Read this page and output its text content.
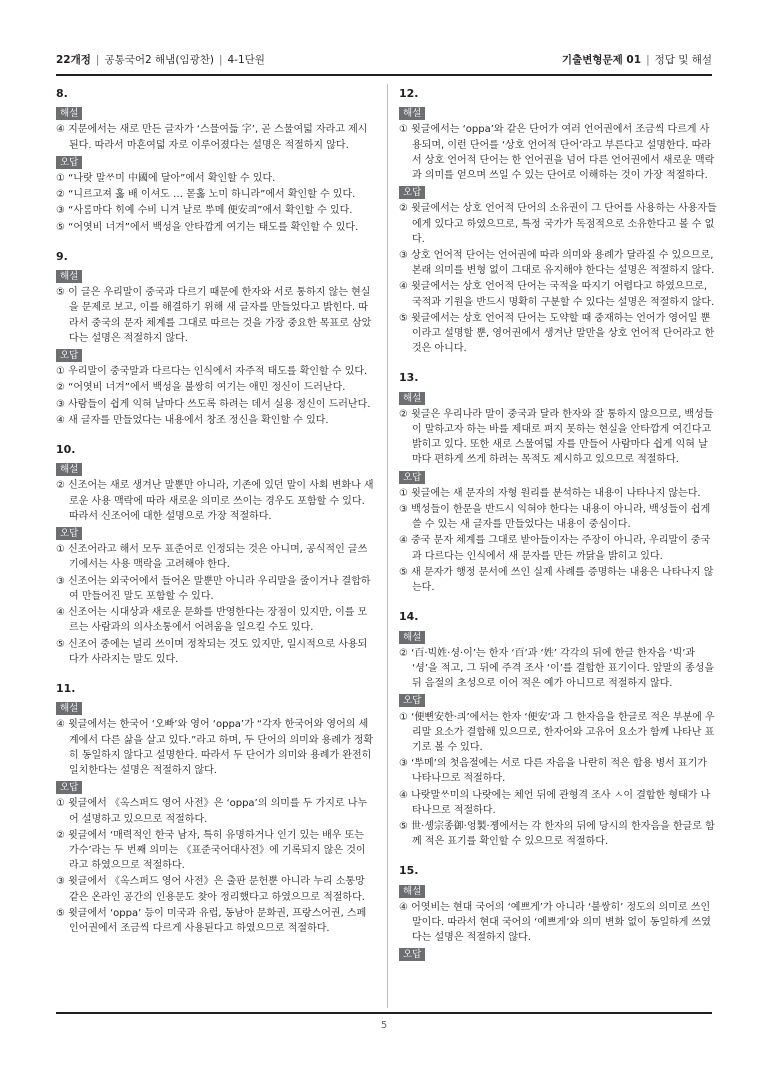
22개정 | 공통국어2 해냄(임광찬) | 4-1단원	기출변형문제 01 | 정답 및 해설
8.
해설
④ 지문에서는 새로 만든 글자가 ‘스믈여듧 字’, 곧 스물여덟 자라고 제시된다. 따라서 마흔여덟 자로 이루어졌다는 설명은 적절하지 않다.
오답
① “나랏 말ᄊᆞ미 中國에 달아”에서 확인할 수 있다.
② “니르고져 홇 배 이셔도 … 몯홇 노미 하니라”에서 확인할 수 있다.
③ “사ᄅᆞᆷ마다 ᄒᆡ예 수비 니겨 날로 ᄡᅮ메 便安킈”에서 확인할 수 있다.
⑤ “어엿비 너겨”에서 백성을 안타깝게 여기는 태도를 확인할 수 있다.
9.
해설
⑤ 이 글은 우리말이 중국과 다르기 때문에 한자와 서로 통하지 않는 현실을 문제로 보고, 이를 해결하기 위해 새 글자를 만들었다고 밝힌다. 따라서 중국의 문자 체계를 그대로 따르는 것을 가장 중요한 목표로 삼았다는 설명은 적절하지 않다.
오답
① 우리말이 중국말과 다르다는 인식에서 자주적 태도를 확인할 수 있다.
② “어엿비 너겨”에서 백성을 불쌍히 여기는 애민 정신이 드러난다.
③ 사람들이 쉽게 익혀 날마다 쓰도록 하려는 데서 실용 정신이 드러난다.
④ 새 글자를 만들었다는 내용에서 창조 정신을 확인할 수 있다.
10.
해설
② 신조어는 새로 생겨난 말뿐만 아니라, 기존에 있던 말이 사회 변화나 새로운 사용 맥락에 따라 새로운 의미로 쓰이는 경우도 포함할 수 있다. 따라서 신조어에 대한 설명으로 가장 적절하다.
오답
① 신조어라고 해서 모두 표준어로 인정되는 것은 아니며, 공식적인 글쓰기에서는 사용 맥락을 고려해야 한다.
③ 신조어는 외국어에서 들어온 말뿐만 아니라 우리말을 줄이거나 결합하여 만들어진 말도 포함할 수 있다.
④ 신조어는 시대상과 새로운 문화를 반영한다는 장점이 있지만, 이를 모르는 사람과의 의사소통에서 어려움을 일으킬 수도 있다.
⑤ 신조어 중에는 널리 쓰이며 정착되는 것도 있지만, 일시적으로 사용되다가 사라지는 말도 있다.
11.
해설
④ 윗글에서는 한국어 ‘오빠’와 영어 ‘oppa’가 “각자 한국어와 영어의 세계에서 다른 삶을 살고 있다.”라고 하며, 두 단어의 의미와 용례가 정확히 동일하지 않다고 설명한다. 따라서 두 단어가 의미와 용례가 완전히 일치한다는 설명은 적절하지 않다.
오답
① 윗글에서 《옥스퍼드 영어 사전》은 ‘oppa’의 의미를 두 가지로 나누어 설명하고 있으므로 적절하다.
② 윗글에서 ‘매력적인 한국 남자, 특히 유명하거나 인기 있는 배우 또는 가수’라는 두 번째 의미는 《표준국어대사전》에 기록되지 않은 것이라고 하였으므로 적절하다.
③ 윗글에서 《옥스퍼드 영어 사전》은 출판 문헌뿐 아니라 누리 소통망 같은 온라인 공간의 인용문도 찾아 정리했다고 하였으므로 적절하다.
⑤ 윗글에서 ‘oppa’ 등이 미국과 유럽, 동남아 문화권, 프랑스어권, 스페인어권에서 조금씩 다르게 사용된다고 하였으므로 적절하다.
12.
해설
① 윗글에서는 ‘oppa’와 같은 단어가 여러 언어권에서 조금씩 다르게 사용되며, 이런 단어를 ‘상호 언어적 단어’라고 부른다고 설명한다. 따라서 상호 언어적 단어는 한 언어권을 넘어 다른 언어권에서 새로운 맥락과 의미를 얻으며 쓰일 수 있는 단어로 이해하는 것이 가장 적절하다.
오답
② 윗글에서는 상호 언어적 단어의 소유권이 그 단어를 사용하는 사용자들에게 있다고 하였으므로, 특정 국가가 독점적으로 소유한다고 볼 수 없다.
③ 상호 언어적 단어는 언어권에 따라 의미와 용례가 달라질 수 있으므로, 본래 의미를 변형 없이 그대로 유지해야 한다는 설명은 적절하지 않다.
④ 윗글에서는 상호 언어적 단어는 국적을 따지기 어렵다고 하였으므로, 국적과 기원을 반드시 명확히 구분할 수 있다는 설명은 적절하지 않다.
⑤ 윗글에서는 상호 언어적 단어는 도약할 때 중재하는 언어가 영어일 뿐이라고 설명할 뿐, 영어권에서 생겨난 말만을 상호 언어적 단어라고 한 것은 아니다.
13.
해설
② 윗글은 우리나라 말이 중국과 달라 한자와 잘 통하지 않으므로, 백성들이 말하고자 하는 바를 제대로 펴지 못하는 현실을 안타깝게 여긴다고 밝히고 있다. 또한 새로 스물여덟 자를 만들어 사람마다 쉽게 익혀 날마다 편하게 쓰게 하려는 목적도 제시하고 있으므로 적절하다.
오답
① 윗글에는 새 문자의 자형 원리를 분석하는 내용이 나타나지 않는다.
③ 백성들이 한문을 반드시 익혀야 한다는 내용이 아니라, 백성들이 쉽게 쓸 수 있는 새 글자를 만들었다는 내용이 중심이다.
④ 중국 문자 체계를 그대로 받아들이자는 주장이 아니라, 우리말이 중국과 다르다는 인식에서 새 문자를 만든 까닭을 밝히고 있다.
⑤ 새 문자가 행정 문서에 쓰인 실제 사례를 증명하는 내용은 나타나지 않는다.
14.
해설
② ‘百·빅姓·셩·이’는 한자 ‘百’과 ‘姓’ 각각의 뒤에 한글 한자음 ‘빅’과 ‘셩’을 적고, 그 뒤에 주격 조사 ‘이’를 결합한 표기이다. 앞말의 종성을 뒤 음절의 초성으로 이어 적은 예가 아니므로 적절하지 않다.
오답
① ‘便뼌安한·킈’에서는 한자 ‘便安’과 그 한자음을 한글로 적은 부분에 우리말 요소가 결합해 있으므로, 한자어와 고유어 요소가 함께 나타난 표기로 볼 수 있다.
③ ‘ᄡᅮ메’의 첫음절에는 서로 다른 자음을 나란히 적은 합용 병서 표기가 나타나므로 적절하다.
④ 나랏말ᄊᆞ미의 나랏에는 체언 뒤에 관형격 조사 ㅅ이 결합한 형태가 나타나므로 적절하다.
⑤ 世·솅宗종御·엉製·졩에서는 각 한자의 뒤에 당시의 한자음을 한글로 함께 적은 표기를 확인할 수 있으므로 적절하다.
15.
해설
④ 어엿비는 현대 국어의 ‘예쁘게’가 아니라 ‘불쌍히’ 정도의 의미로 쓰인 말이다. 따라서 현대 국어의 ‘예쁘게’와 의미 변화 없이 동일하게 쓰였다는 설명은 적절하지 않다.
오답
5
